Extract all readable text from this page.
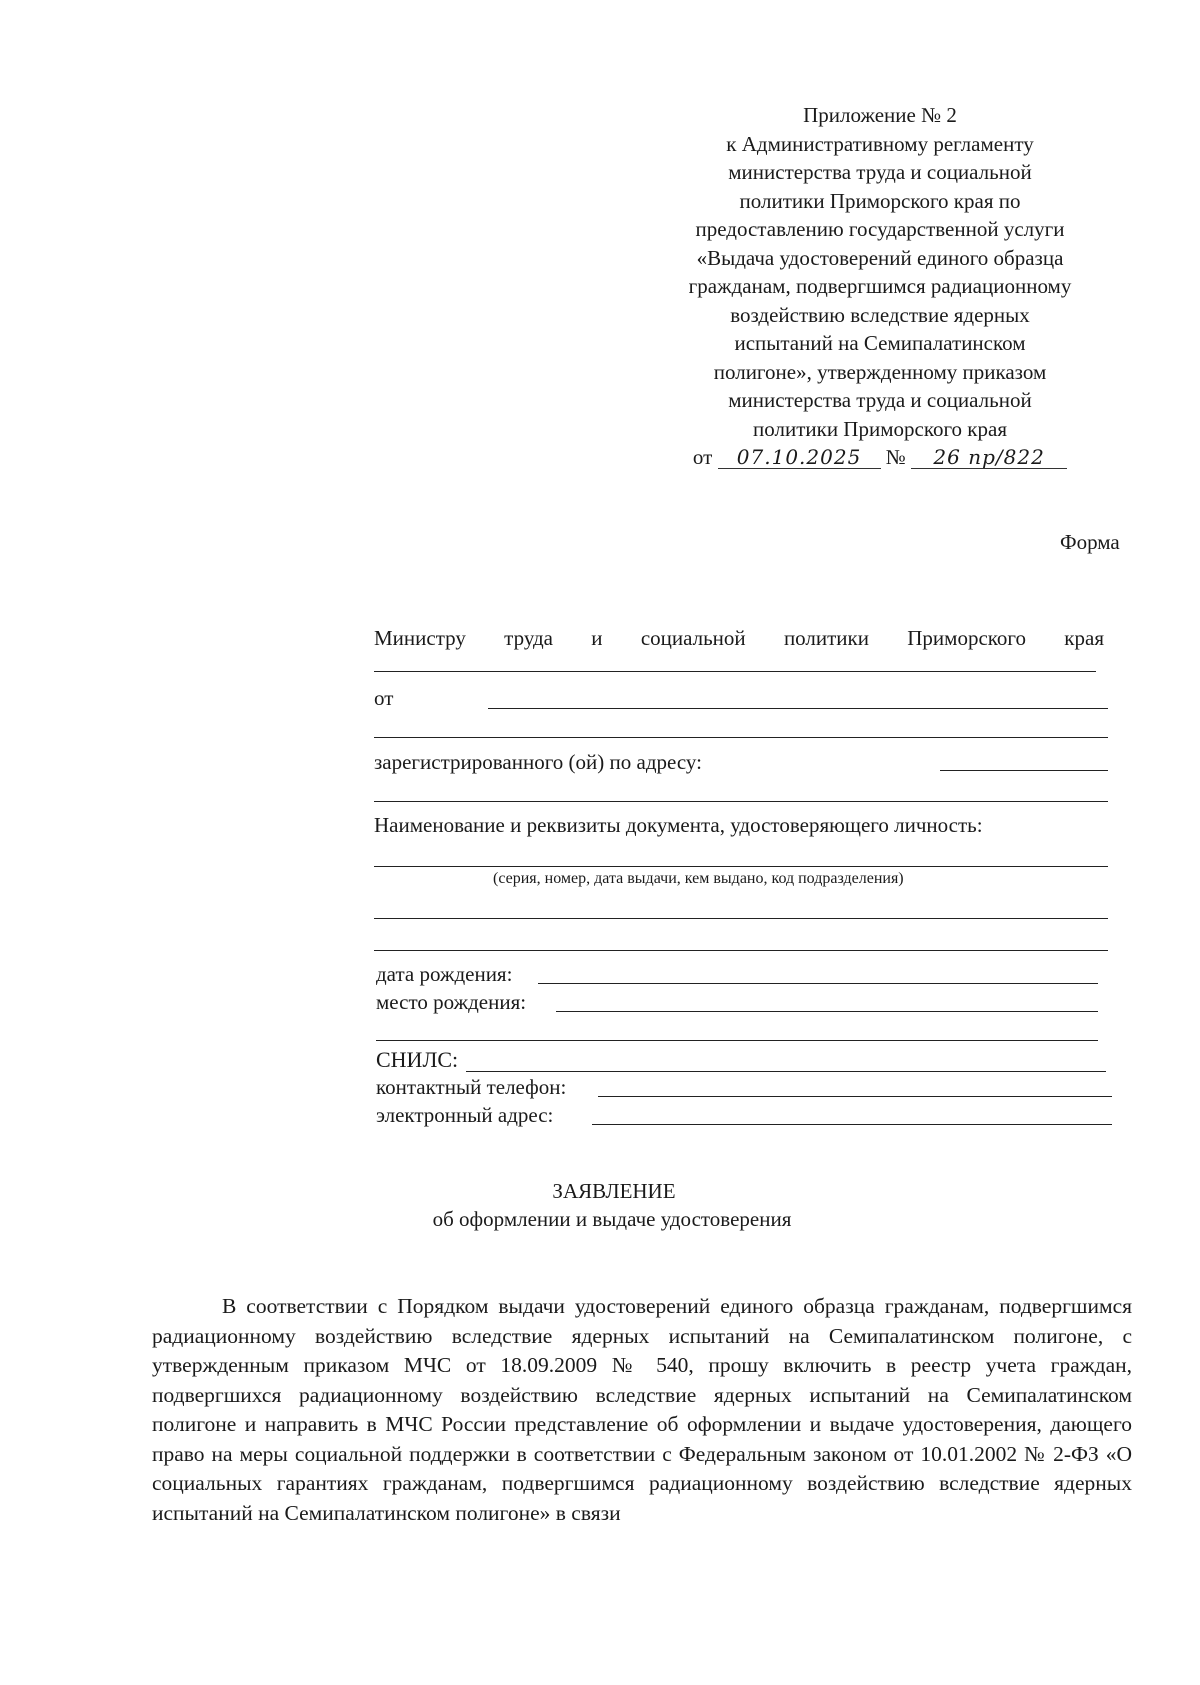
Приложение № 2
к Административному регламенту
министерства труда и социальной
политики Приморского края по
предоставлению государственной услуги
«Выдача удостоверений единого образца
гражданам, подвергшимся радиационному
воздействию вследствие ядерных
испытаний на Семипалатинском
полигоне», утвержденному приказом
министерства труда и социальной
политики Приморского края
от 07.10.2025 № 26 пр/822
Форма
Министру труда и социальной политики Приморского края
от
зарегистрированного (ой) по адресу:
Наименование и реквизиты документа, удостоверяющего личность:
(серия, номер, дата выдачи, кем выдано, код подразделения)
дата рождения:
место рождения:
СНИЛС:
контактный телефон:
электронный адрес:
ЗАЯВЛЕНИЕ
об оформлении и выдаче удостоверения
В соответствии с Порядком выдачи удостоверений единого образца гражданам, подвергшимся радиационному воздействию вследствие ядерных испытаний на Семипалатинском полигоне, с утвержденным приказом МЧС от 18.09.2009 № 540, прошу включить в реестр учета граждан, подвергшихся радиационному воздействию вследствие ядерных испытаний на Семипалатинском полигоне и направить в МЧС России представление об оформлении и выдаче удостоверения, дающего право на меры социальной поддержки в соответствии с Федеральным законом от 10.01.2002 № 2-ФЗ «О социальных гарантиях гражданам, подвергшимся радиационному воздействию вследствие ядерных испытаний на Семипалатинском полигоне» в связи
